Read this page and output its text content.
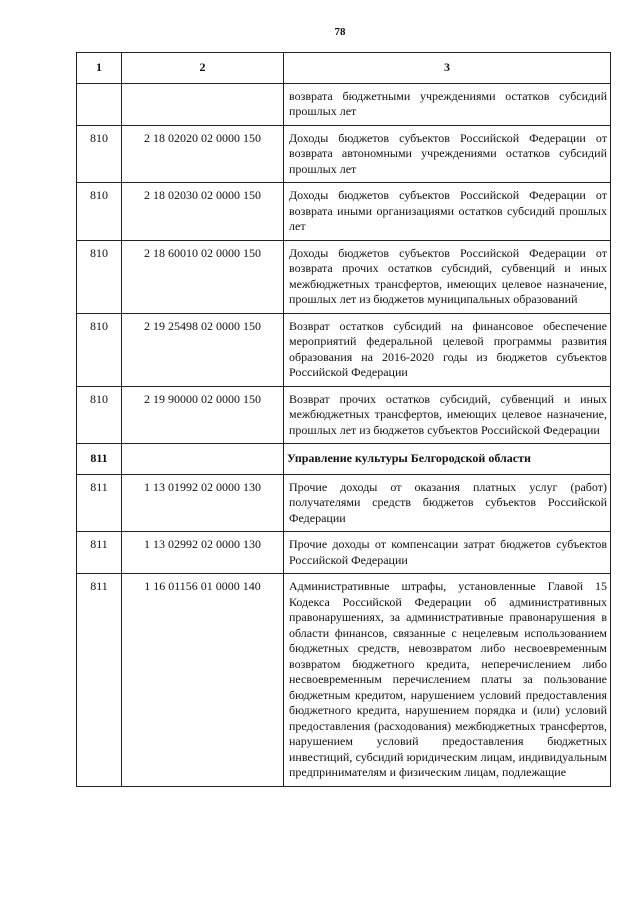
78
1	2	3
		возврата бюджетными учреждениями остатков субсидий прошлых лет
810	2 18 02020 02 0000 150	Доходы бюджетов субъектов Российской Федерации от возврата автономными учреждениями остатков субсидий прошлых лет
810	2 18 02030 02 0000 150	Доходы бюджетов субъектов Российской Федерации от возврата иными организациями остатков субсидий прошлых лет
810	2 18 60010 02 0000 150	Доходы бюджетов субъектов Российской Федерации от возврата прочих остатков субсидий, субвенций и иных межбюджетных трансфертов, имеющих целевое назначение, прошлых лет из бюджетов муниципальных образований
810	2 19 25498 02 0000 150	Возврат остатков субсидий на финансовое обеспечение мероприятий федеральной целевой программы развития образования на 2016-2020 годы из бюджетов субъектов Российской Федерации
810	2 19 90000 02 0000 150	Возврат прочих остатков субсидий, субвенций и иных межбюджетных трансфертов, имеющих целевое назначение, прошлых лет из бюджетов субъектов Российской Федерации
811		Управление культуры Белгородской области
811	1 13 01992 02 0000 130	Прочие доходы от оказания платных услуг (работ) получателями средств бюджетов субъектов Российской Федерации
811	1 13 02992 02 0000 130	Прочие доходы от компенсации затрат бюджетов субъектов Российской Федерации
811	1 16 01156 01 0000 140	Административные штрафы, установленные Главой 15 Кодекса Российской Федерации об административных правонарушениях, за административные правонарушения в области финансов, связанные с нецелевым использованием бюджетных средств, невозвратом либо несвоевременным возвратом бюджетного кредита, неперечислением либо несвоевременным перечислением платы за пользование бюджетным кредитом, нарушением условий предоставления бюджетного кредита, нарушением порядка и (или) условий предоставления (расходования) межбюджетных трансфертов, нарушением условий предоставления бюджетных инвестиций, субсидий юридическим лицам, индивидуальным предпринимателям и физическим лицам, подлежащие
